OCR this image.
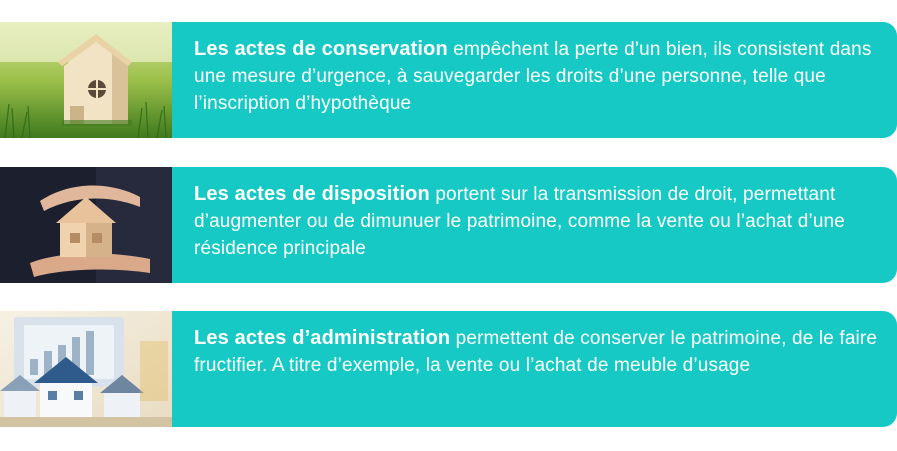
Les actes de conservation empêchent la perte d’un bien, ils consistent dans une mesure d’urgence, à sauvegarder les droits d’une personne, telle que l’inscription d’hypothèque

Les actes de disposition portent sur la transmission de droit, permettant d’augmenter ou de dimunuer le patrimoine, comme la vente ou l’achat d’une résidence principale

Les actes d’administration permettent de conserver le patrimoine, de le faire fructifier. A titre d’exemple, la vente ou l’achat de meuble d’usage
